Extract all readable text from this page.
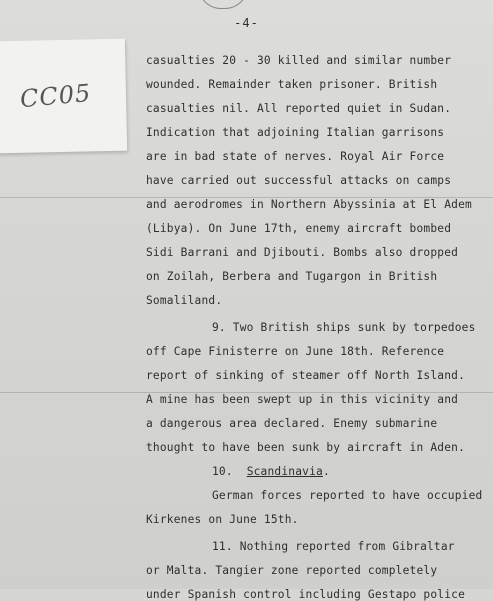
-4-
casualties 20 - 30 killed and similar number
wounded. Remainder taken prisoner. British
casualties nil. All reported quiet in Sudan.
Indication that adjoining Italian garrisons
are in bad state of nerves. Royal Air Force
have carried out successful attacks on camps
and aerodromes in Northern Abyssinia at El Adem
(Libya). On June 17th, enemy aircraft bombed
Sidi Barrani and Djibouti. Bombs also dropped
on Zoilah, Berbera and Tugargon in British
Somaliland.
9. Two British ships sunk by torpedoes
off Cape Finisterre on June 18th. Reference
report of sinking of steamer off North Island.
A mine has been swept up in this vicinity and
a dangerous area declared. Enemy submarine
thought to have been sunk by aircraft in Aden.
10. Scandinavia.
German forces reported to have occupied
Kirkenes on June 15th.
11. Nothing reported from Gibraltar
or Malta. Tangier zone reported completely
under Spanish control including Gestapo police
CC05
